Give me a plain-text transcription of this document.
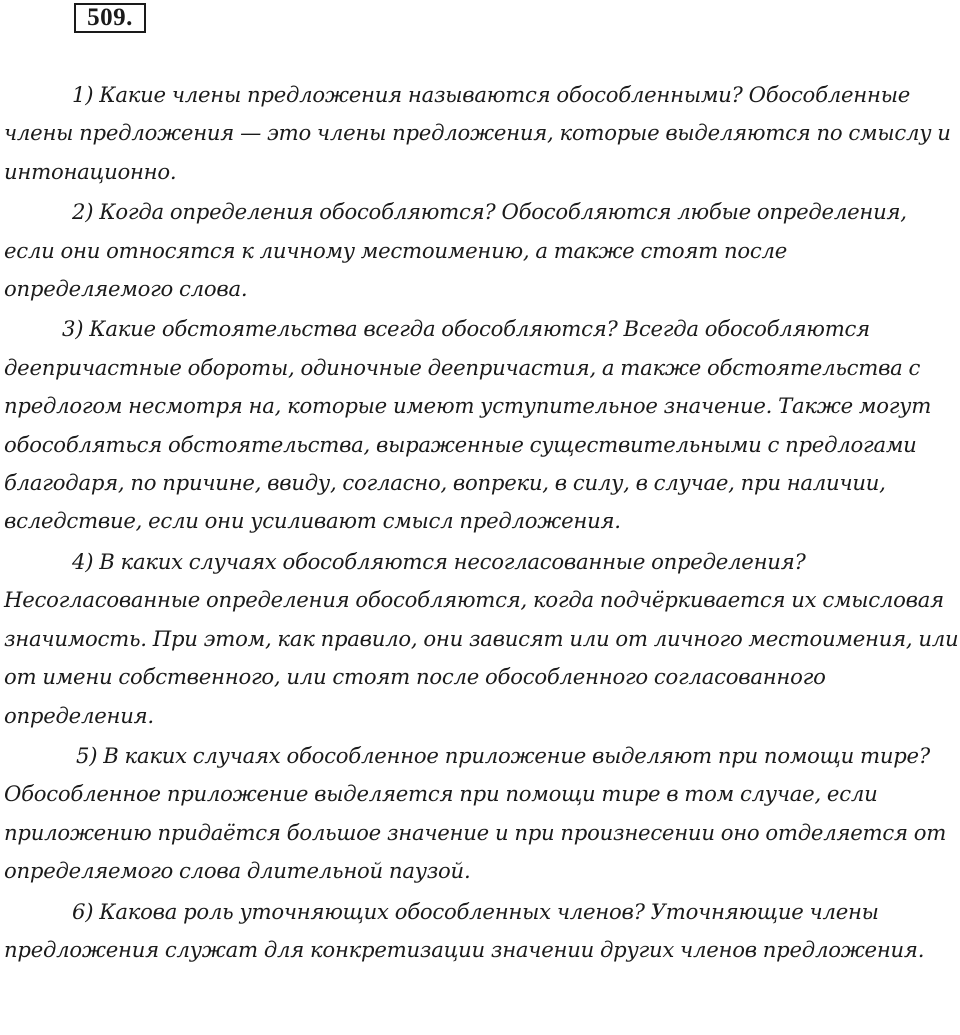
509.

1) Какие члены предложения называются обособленными? Обособленные члены предложения — это члены предложения, которые выделяются по смыслу и интонационно.

2) Когда определения обособляются? Обособляются любые определения, если они относятся к личному местоимению, а также стоят после определяемого слова.

3) Какие обстоятельства всегда обособляются? Всегда обособляются деепричастные обороты, одиночные деепричастия, а также обстоятельства с предлогом несмотря на, которые имеют уступительное значение. Также могут обособляться обстоятельства, выраженные существительными с предлогами благодаря, по причине, ввиду, согласно, вопреки, в силу, в случае, при наличии, вследствие, если они усиливают смысл предложения.

4) В каких случаях обособляются несогласованные определения? Несогласованные определения обособляются, когда подчёркивается их смысловая значимость. При этом, как правило, они зависят или от личного местоимения, или от имени собственного, или стоят после обособленного согласованного определения.

5) В каких случаях обособленное приложение выделяют при помощи тире? Обособленное приложение выделяется при помощи тире в том случае, если приложению придаётся большое значение и при произнесении оно отделяется от определяемого слова длительной паузой.

6) Какова роль уточняющих обособленных членов? Уточняющие члены предложения служат для конкретизации значении других членов предложения.
